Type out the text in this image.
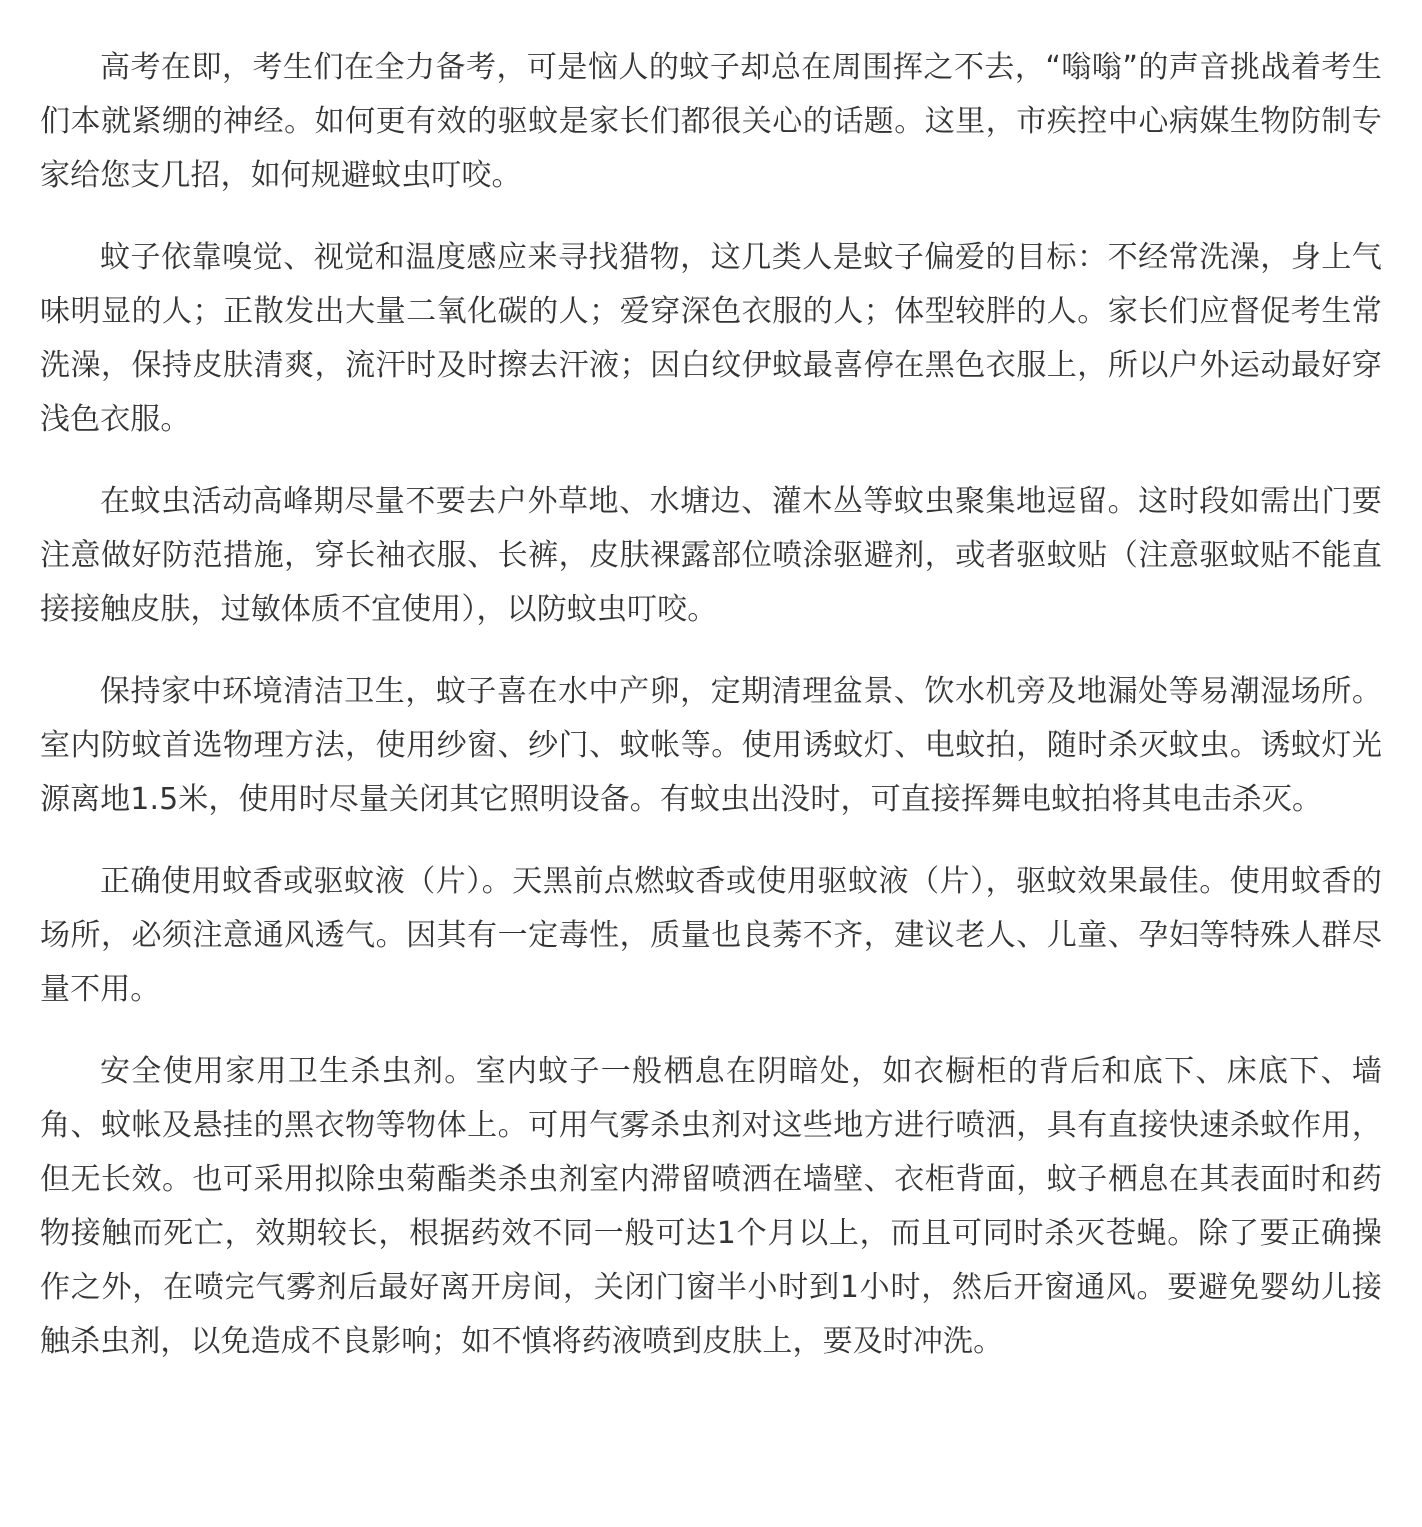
高考在即，考生们在全力备考，可是恼人的蚊子却总在周围挥之不去，“嗡嗡”的声音挑战着考生们本就紧绷的神经。如何更有效的驱蚊是家长们都很关心的话题。这里，市疾控中心病媒生物防制专家给您支几招，如何规避蚊虫叮咬。

蚊子依靠嗅觉、视觉和温度感应来寻找猎物，这几类人是蚊子偏爱的目标：不经常洗澡，身上气味明显的人；正散发出大量二氧化碳的人；爱穿深色衣服的人；体型较胖的人。家长们应督促考生常洗澡，保持皮肤清爽，流汗时及时擦去汗液；因白纹伊蚊最喜停在黑色衣服上，所以户外运动最好穿浅色衣服。

在蚊虫活动高峰期尽量不要去户外草地、水塘边、灌木丛等蚊虫聚集地逗留。这时段如需出门要注意做好防范措施，穿长袖衣服、长裤，皮肤裸露部位喷涂驱避剂，或者驱蚊贴（注意驱蚊贴不能直接接触皮肤，过敏体质不宜使用），以防蚊虫叮咬。

保持家中环境清洁卫生，蚊子喜在水中产卵，定期清理盆景、饮水机旁及地漏处等易潮湿场所。室内防蚊首选物理方法，使用纱窗、纱门、蚊帐等。使用诱蚊灯、电蚊拍，随时杀灭蚊虫。诱蚊灯光源离地1.5米，使用时尽量关闭其它照明设备。有蚊虫出没时，可直接挥舞电蚊拍将其电击杀灭。

正确使用蚊香或驱蚊液（片）。天黑前点燃蚊香或使用驱蚊液（片），驱蚊效果最佳。使用蚊香的场所，必须注意通风透气。因其有一定毒性，质量也良莠不齐，建议老人、儿童、孕妇等特殊人群尽量不用。

安全使用家用卫生杀虫剂。室内蚊子一般栖息在阴暗处，如衣橱柜的背后和底下、床底下、墙角、蚊帐及悬挂的黑衣物等物体上。可用气雾杀虫剂对这些地方进行喷洒，具有直接快速杀蚊作用，但无长效。也可采用拟除虫菊酯类杀虫剂室内滞留喷洒在墙壁、衣柜背面，蚊子栖息在其表面时和药物接触而死亡，效期较长，根据药效不同一般可达1个月以上，而且可同时杀灭苍蝇。除了要正确操作之外，在喷完气雾剂后最好离开房间，关闭门窗半小时到1小时，然后开窗通风。要避免婴幼儿接触杀虫剂，以免造成不良影响；如不慎将药液喷到皮肤上，要及时冲洗。
